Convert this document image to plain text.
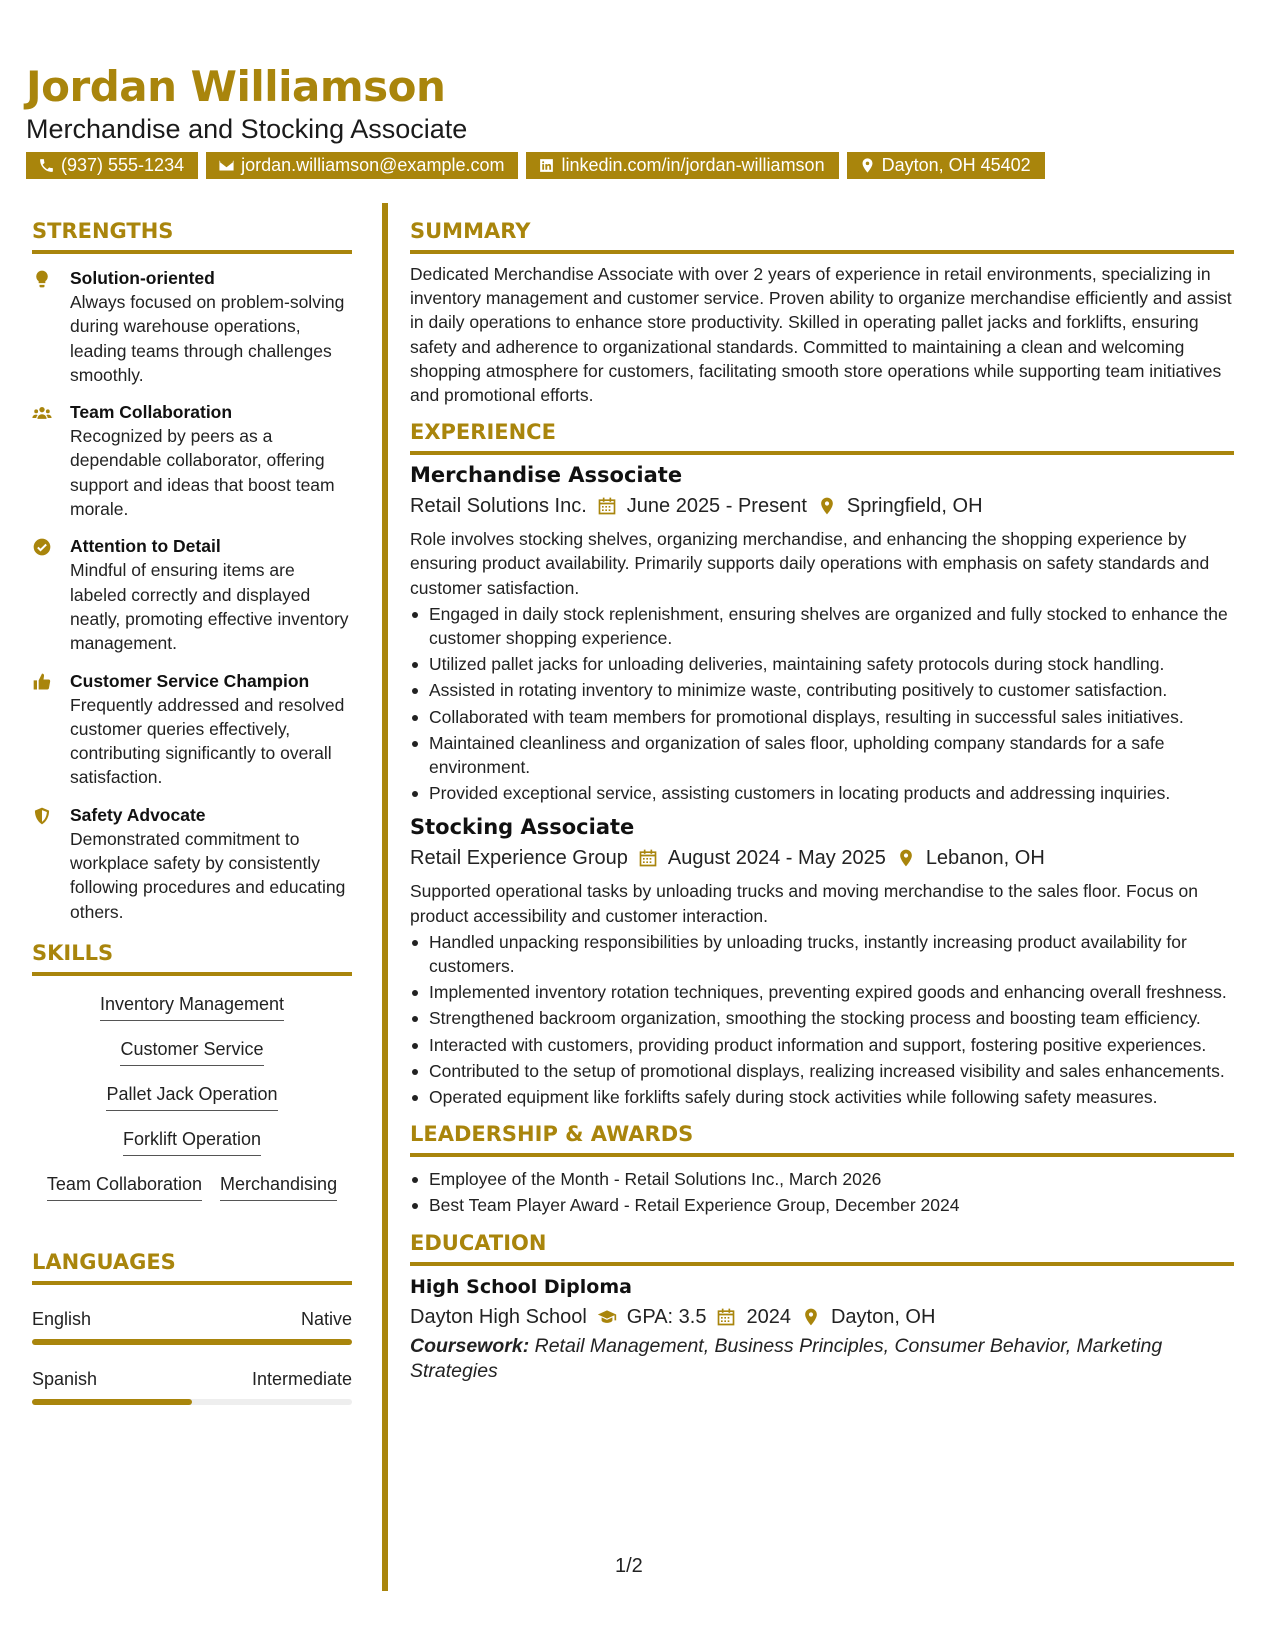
Jordan Williamson
Merchandise and Stocking Associate
(937) 555-1234	jordan.williamson@example.com	linkedin.com/in/jordan-williamson	Dayton, OH 45402
STRENGTHS
Solution-oriented
Always focused on problem-solving during warehouse operations, leading teams through challenges smoothly.
Team Collaboration
Recognized by peers as a dependable collaborator, offering support and ideas that boost team morale.
Attention to Detail
Mindful of ensuring items are labeled correctly and displayed neatly, promoting effective inventory management.
Customer Service Champion
Frequently addressed and resolved customer queries effectively, contributing significantly to overall satisfaction.
Safety Advocate
Demonstrated commitment to workplace safety by consistently following procedures and educating others.
SKILLS
Inventory Management
Customer Service
Pallet Jack Operation
Forklift Operation
Team Collaboration Merchandising
LANGUAGES
English	Native
Spanish	Intermediate
SUMMARY
Dedicated Merchandise Associate with over 2 years of experience in retail environments, specializing in inventory management and customer service. Proven ability to organize merchandise efficiently and assist in daily operations to enhance store productivity. Skilled in operating pallet jacks and forklifts, ensuring safety and adherence to organizational standards. Committed to maintaining a clean and welcoming shopping atmosphere for customers, facilitating smooth store operations while supporting team initiatives and promotional efforts.
EXPERIENCE
Merchandise Associate
Retail Solutions Inc. June 2025 - Present Springfield, OH
Role involves stocking shelves, organizing merchandise, and enhancing the shopping experience by ensuring product availability. Primarily supports daily operations with emphasis on safety standards and customer satisfaction.
Engaged in daily stock replenishment, ensuring shelves are organized and fully stocked to enhance the customer shopping experience.
Utilized pallet jacks for unloading deliveries, maintaining safety protocols during stock handling.
Assisted in rotating inventory to minimize waste, contributing positively to customer satisfaction.
Collaborated with team members for promotional displays, resulting in successful sales initiatives.
Maintained cleanliness and organization of sales floor, upholding company standards for a safe environment.
Provided exceptional service, assisting customers in locating products and addressing inquiries.
Stocking Associate
Retail Experience Group August 2024 - May 2025 Lebanon, OH
Supported operational tasks by unloading trucks and moving merchandise to the sales floor. Focus on product accessibility and customer interaction.
Handled unpacking responsibilities by unloading trucks, instantly increasing product availability for customers.
Implemented inventory rotation techniques, preventing expired goods and enhancing overall freshness.
Strengthened backroom organization, smoothing the stocking process and boosting team efficiency.
Interacted with customers, providing product information and support, fostering positive experiences.
Contributed to the setup of promotional displays, realizing increased visibility and sales enhancements.
Operated equipment like forklifts safely during stock activities while following safety measures.
LEADERSHIP & AWARDS
Employee of the Month - Retail Solutions Inc., March 2026
Best Team Player Award - Retail Experience Group, December 2024
EDUCATION
High School Diploma
Dayton High School GPA: 3.5 2024 Dayton, OH
Coursework: Retail Management, Business Principles, Consumer Behavior, Marketing Strategies
1/2
